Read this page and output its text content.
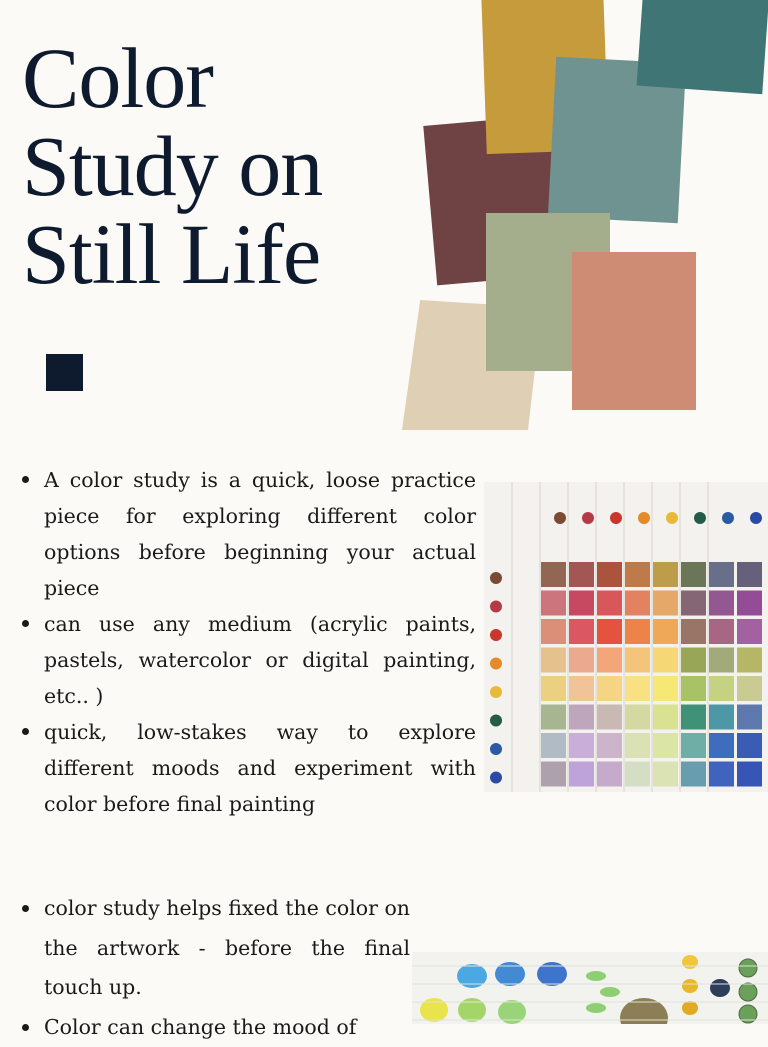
Color
Study on
Still Life
A color study is a quick, loose practice piece for exploring different color options before beginning your actual piece
can use any medium (acrylic paints, pastels, watercolor or digital painting, etc.. )
quick, low-stakes way to explore different moods and experiment with color before final painting
color study helps fixed the color on the artwork - before the final touch up.
Color can change the mood of
